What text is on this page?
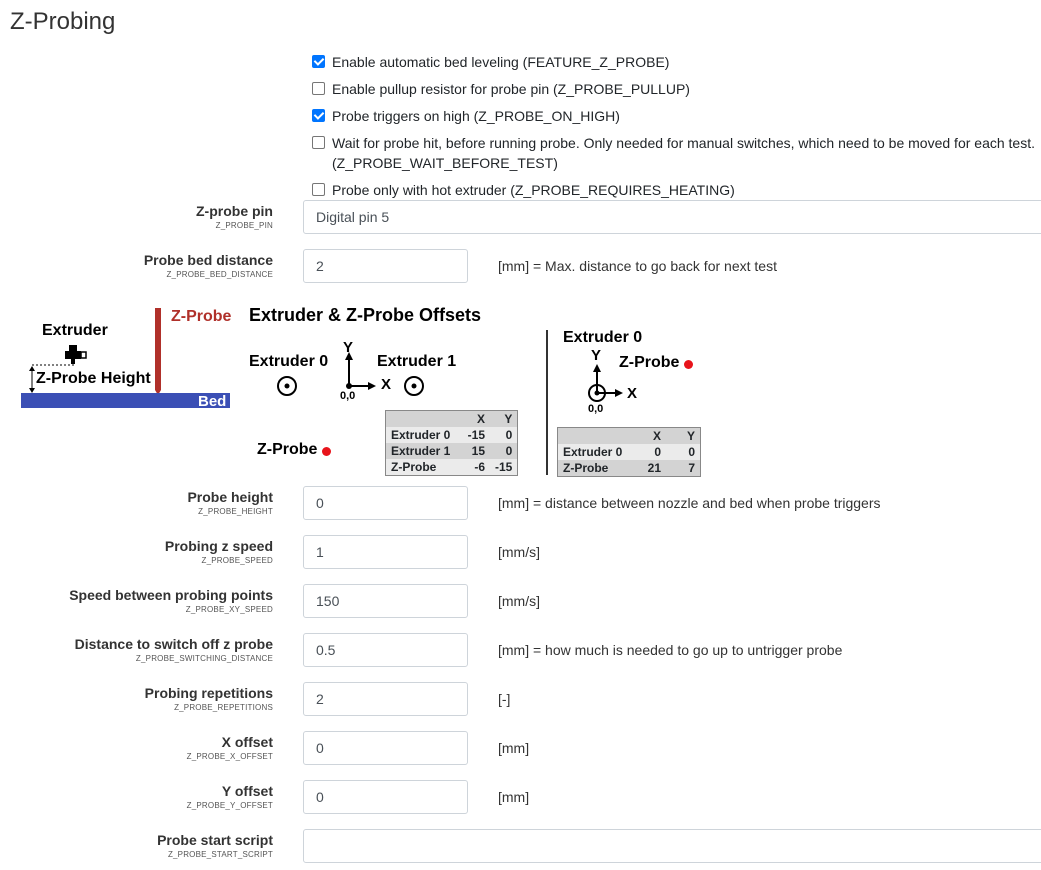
Z-Probing
Enable automatic bed leveling (FEATURE_Z_PROBE)
Enable pullup resistor for probe pin (Z_PROBE_PULLUP)
Probe triggers on high (Z_PROBE_ON_HIGH)
Wait for probe hit, before running probe. Only needed for manual switches, which need to be moved for each test.
(Z_PROBE_WAIT_BEFORE_TEST)
Probe only with hot extruder (Z_PROBE_REQUIRES_HEATING)
Z-probe pin
Z_PROBE_PIN
Digital pin 5
Probe bed distance
Z_PROBE_BED_DISTANCE
2	[mm] = Max. distance to go back for next test
Z-Probe
Extruder
Z-Probe Height
Bed
Extruder & Z-Probe Offsets
Extruder 0	Extruder 1
Y
X
0,0
Z-Probe
	X	Y
Extruder 0	-15	0
Extruder 1	15	0
Z-Probe	-6	-15
Extruder 0
Z-Probe
Y
X
0,0
	X	Y
Extruder 0	0	0
Z-Probe	21	7
Probe height
Z_PROBE_HEIGHT
0	[mm] = distance between nozzle and bed when probe triggers
Probing z speed
Z_PROBE_SPEED
1	[mm/s]
Speed between probing points
Z_PROBE_XY_SPEED
150	[mm/s]
Distance to switch off z probe
Z_PROBE_SWITCHING_DISTANCE
0.5	[mm] = how much is needed to go up to untrigger probe
Probing repetitions
Z_PROBE_REPETITIONS
2	[-]
X offset
Z_PROBE_X_OFFSET
0	[mm]
Y offset
Z_PROBE_Y_OFFSET
0	[mm]
Probe start script
Z_PROBE_START_SCRIPT
